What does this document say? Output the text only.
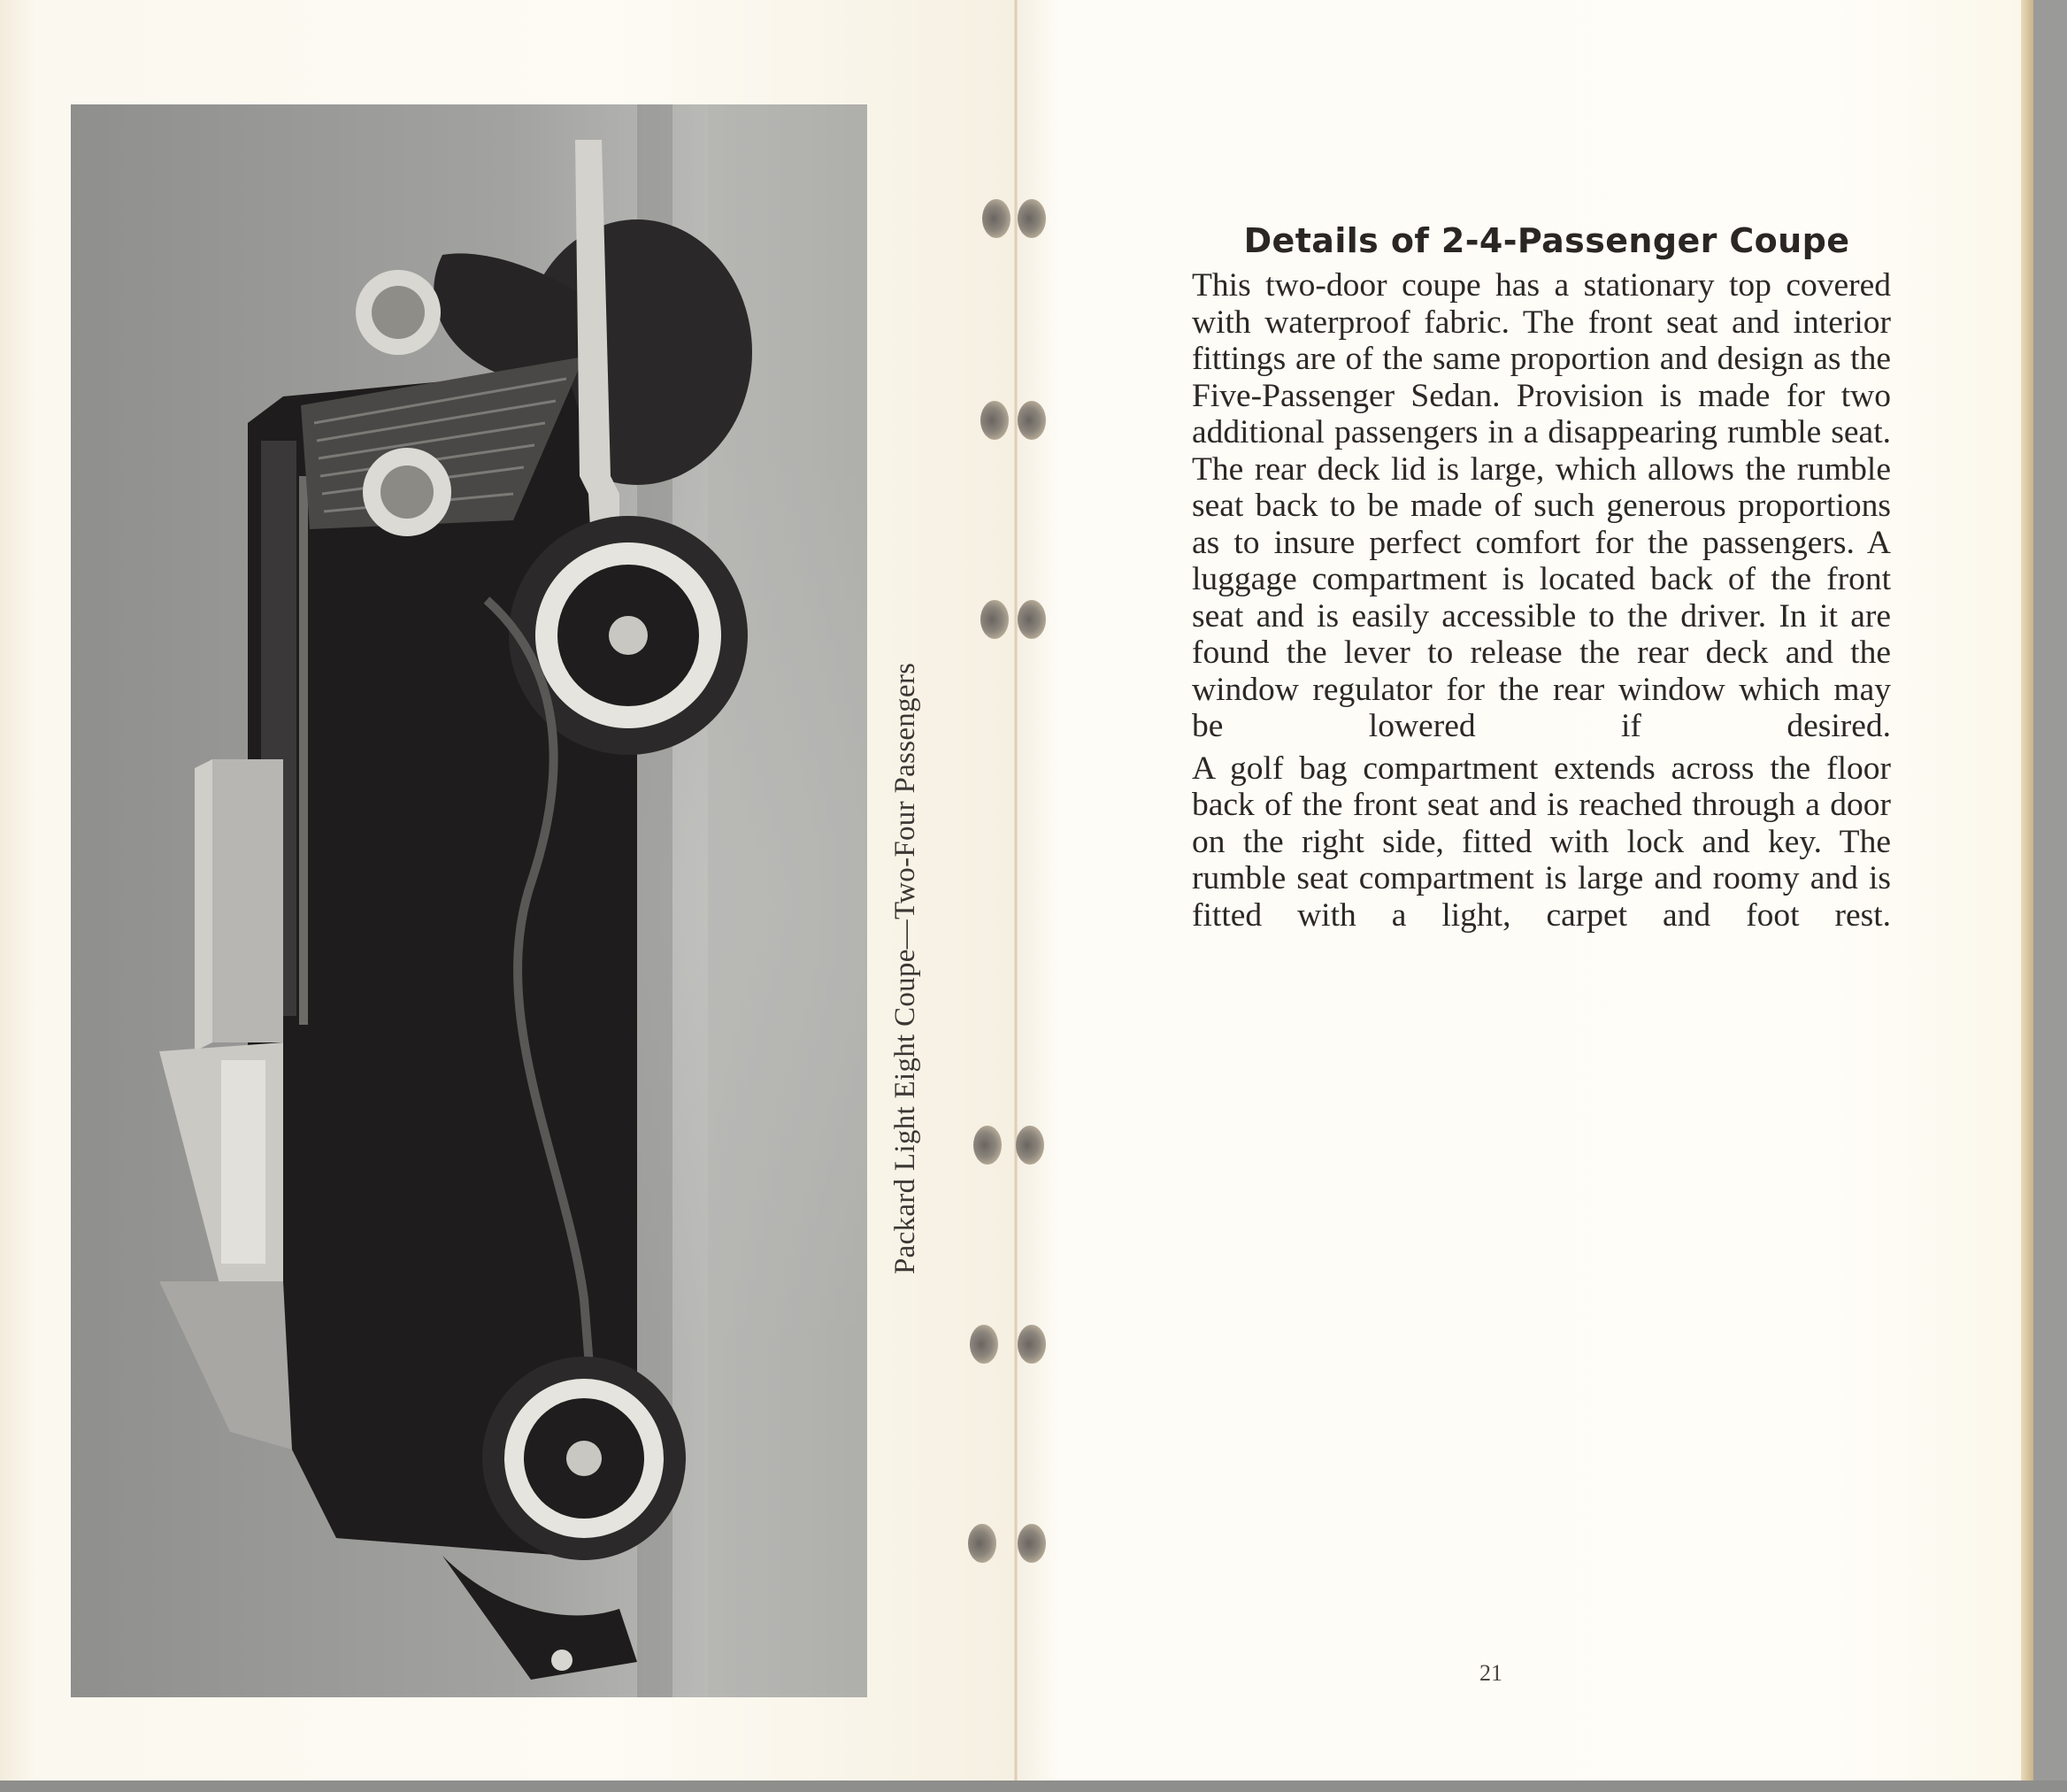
Packard Light Eight Coupe—Two-Four Passengers
Details of 2-4-Passenger Coupe

This two-door coupe has a stationary top covered with waterproof fabric. The front seat and interior fittings are of the same proportion and design as the Five-Passenger Sedan. Provision is made for two additional passengers in a disappearing rumble seat. The rear deck lid is large, which allows the rumble seat back to be made of such generous proportions as to insure perfect comfort for the passengers. A luggage compartment is located back of the front seat and is easily accessible to the driver. In it are found the lever to release the rear deck and the window regulator for the rear window which may be lowered if desired.

A golf bag compartment extends across the floor back of the front seat and is reached through a door on the right side, fitted with lock and key. The rumble seat compartment is large and roomy and is fitted with a light, carpet and foot rest.

21
